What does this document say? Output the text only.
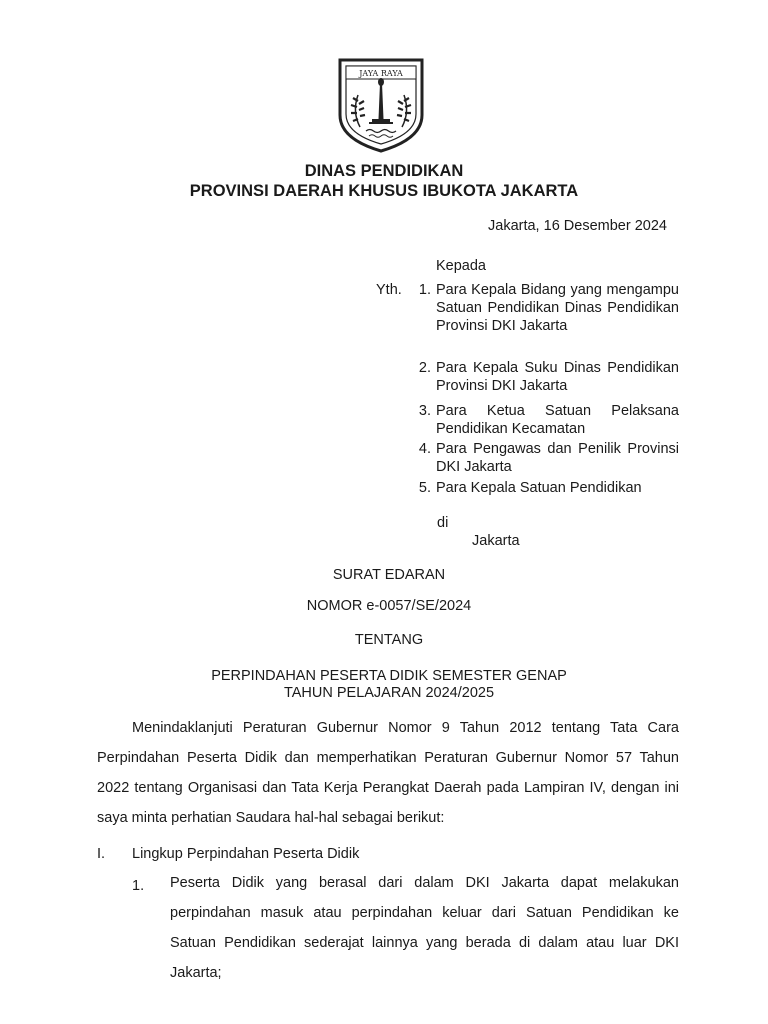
JAYA RAYA
DINAS PENDIDIKAN
PROVINSI DAERAH KHUSUS IBUKOTA JAKARTA
Jakarta, 16 Desember 2024
Kepada
Yth.	1. Para Kepala Bidang yang mengampu Satuan Pendidikan Dinas Pendidikan Provinsi DKI Jakarta
2. Para Kepala Suku Dinas Pendidikan Provinsi DKI Jakarta
3. Para Ketua Satuan Pelaksana Pendidikan Kecamatan
4. Para Pengawas dan Penilik Provinsi DKI Jakarta
5. Para Kepala Satuan Pendidikan
di
Jakarta
SURAT EDARAN
NOMOR e-0057/SE/2024
TENTANG
PERPINDAHAN PESERTA DIDIK SEMESTER GENAP
TAHUN PELAJARAN 2024/2025
Menindaklanjuti Peraturan Gubernur Nomor 9 Tahun 2012 tentang Tata Cara Perpindahan Peserta Didik dan memperhatikan Peraturan Gubernur Nomor 57 Tahun 2022 tentang Organisasi dan Tata Kerja Perangkat Daerah pada Lampiran IV, dengan ini saya minta perhatian Saudara hal-hal sebagai berikut:
I. Lingkup Perpindahan Peserta Didik
1. Peserta Didik yang berasal dari dalam DKI Jakarta dapat melakukan perpindahan masuk atau perpindahan keluar dari Satuan Pendidikan ke Satuan Pendidikan sederajat lainnya yang berada di dalam atau luar DKI Jakarta;
